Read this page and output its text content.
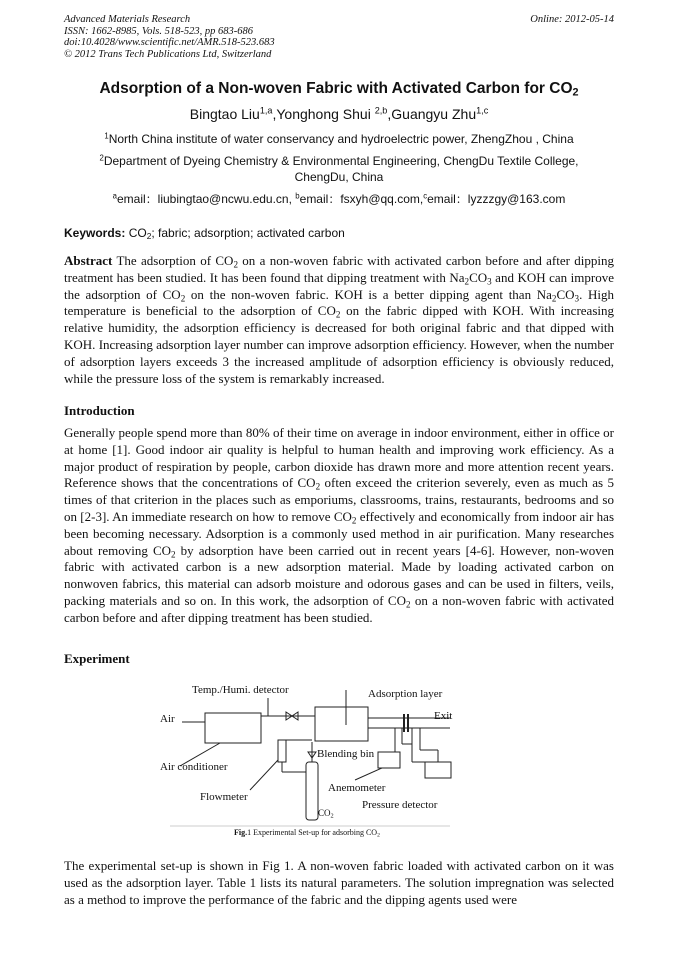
Advanced Materials Research
ISSN: 1662-8985, Vols. 518-523, pp 683-686
doi:10.4028/www.scientific.net/AMR.518-523.683
© 2012 Trans Tech Publications Ltd, Switzerland
Online: 2012-05-14
Adsorption of a Non-woven Fabric with Activated Carbon for $CO_2$
Bingtao Liu$^{1,a}$,Yonghong Shui $^{2,b}$,Guangyu Zhu$^{1,c}$
$^1$North China institute of water conservancy and hydroelectric power, ZhengZhou , China
$^2$Department of Dyeing Chemistry & Environmental Engineering, ChengDu Textile College,
ChengDu, China
$^a$email：liubingtao@ncwu.edu.cn, $^b$email：fsxyh@qq.com,$^c$email：lyzzzgy@163.com
Keywords: $CO_2$; fabric; adsorption; activated carbon

Abstract The adsorption of $CO_2$ on a non-woven fabric with activated carbon before and after dipping treatment has been studied. It has been found that dipping treatment with $Na_2CO_3$ and KOH can improve the adsorption of $CO_2$ on the non-woven fabric. KOH is a better dipping agent than $Na_2CO_3$. High temperature is beneficial to the adsorption of $CO_2$ on the fabric dipped with KOH. With increasing relative humidity, the adsorption efficiency is decreased for both original fabric and that dipped with KOH. Increasing adsorption layer number can improve adsorption efficiency. However, when the number of adsorption layers exceeds 3 the increased amplitude of adsorption efficiency is obviously reduced, while the pressure loss of the system is remarkably increased.

Introduction

Generally people spend more than 80% of their time on average in indoor environment, either in office or at home [1]. Good indoor air quality is helpful to human health and improving work efficiency. As a major product of respiration by people, carbon dioxide has drawn more and more attention recent years. Reference shows that the concentrations of $CO_2$ often exceed the criterion severely, even as much as 5 times of that criterion in the places such as emporiums, classrooms, trains, restaurants, bedrooms and so on [2-3]. An immediate research on how to remove $CO_2$ effectively and economically from indoor air has been becoming necessary. Adsorption is a commonly used method in air purification. Many researches about removing $CO_2$ by adsorption have been carried out in recent years [4-6]. However, non-woven fabric with activated carbon is a new adsorption material. Made by loading activated carbon on nonwoven fabrics, this material can adsorb moisture and odorous gases and can be used in filters, veils, packing materials and so on. In this work, the adsorption of $CO_2$ on a non-woven fabric with activated carbon before and after dipping treatment has been studied.

Experiment
Temp./Humi. detector	Adsorption layer
Air	Exit
Blending bin
Air conditioner
Anemometer
Flowmeter
Pressure detector
$CO_2$
Fig.1 Experimental Set-up for adsorbing $CO_2$

The experimental set-up is shown in Fig 1. A non-woven fabric loaded with activated carbon on it was used as the adsorption layer. Table 1 lists its natural parameters. The solution impregnation was selected as a method to improve the performance of the fabric and the dipping agents used were
